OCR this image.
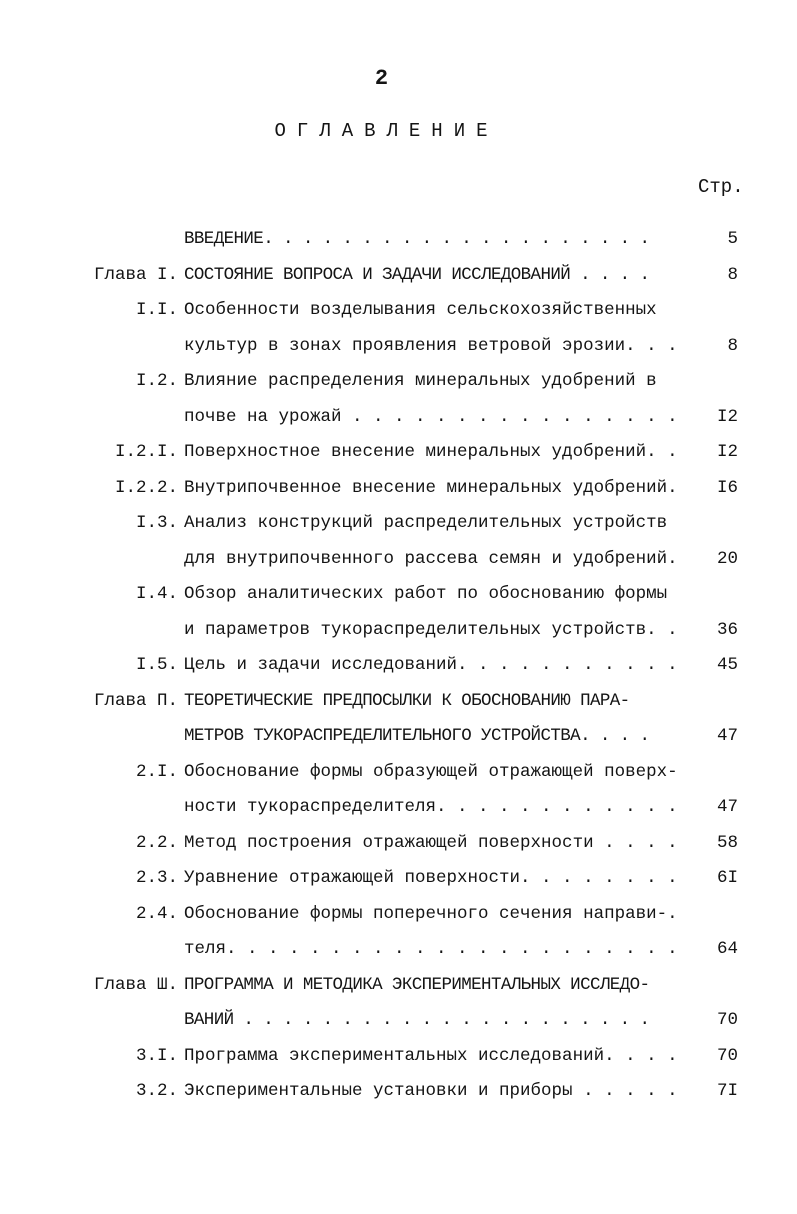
2
ОГЛАВЛЕНИЕ
Стр.
ВВЕДЕНИЕ. . . . . . . . . . . . . . . . . . . .	5
Глава I. СОСТОЯНИЕ ВОПРОСА И ЗАДАЧИ ИССЛЕДОВАНИЙ . . . .	8
I.I. Особенности возделывания сельскохозяйственных
культур в зонах проявления ветровой эрозии. . .	8
I.2. Влияние распределения минеральных удобрений в
почве на урожай . . . . . . . . . . . . . . . .	I2
I.2.I. Поверхностное внесение минеральных удобрений. .	I2
I.2.2. Внутрипочвенное внесение минеральных удобрений.	I6
I.3. Анализ конструкций распределительных устройств
для внутрипочвенного рассева семян и удобрений.	20
I.4. Обзор аналитических работ по обоснованию формы
и параметров тукораспределительных устройств. .	36
I.5. Цель и задачи исследований. . . . . . . . . . .	45
Глава П. ТЕОРЕТИЧЕСКИЕ ПРЕДПОСЫЛКИ К ОБОСНОВАНИЮ ПАРА-
МЕТРОВ ТУКОРАСПРЕДЕЛИТЕЛЬНОГО УСТРОЙСТВА. . . .	47
2.I. Обоснование формы образующей отражающей поверх-
ности тукораспределителя. . . . . . . . . . . .	47
2.2. Метод построения отражающей поверхности . . . .	58
2.3. Уравнение отражающей поверхности. . . . . . . .	6I
2.4. Обоснование формы поперечного сечения направи-.
теля. . . . . . . . . . . . . . . . . . . . . .	64
Глава Ш. ПРОГРАММА И МЕТОДИКА ЭКСПЕРИМЕНТАЛЬНЫХ ИССЛЕДО-
ВАНИЙ . . . . . . . . . . . . . . . . . . . . .	70
3.I. Программа экспериментальных исследований. . . .	70
3.2. Экспериментальные установки и приборы . . . . .	7I
